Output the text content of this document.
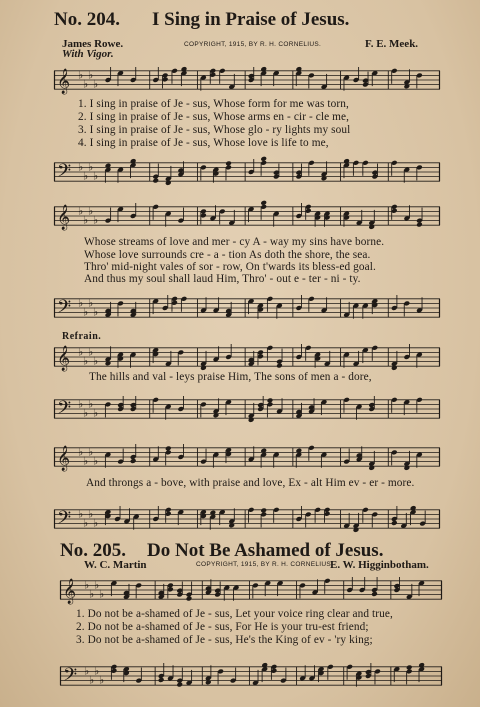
No. 204. I Sing in Praise of Jesus.
James Rowe.	COPYRIGHT, 1915, BY R. H. CORNELIUS.	F. E. Meek.
With Vigor.
𝄞 ♭
♭
♭
♭
1. I sing in praise of Je - sus, Whose form for me was torn,
2. I sing in praise of Je - sus, Whose arms en - cir - cle me,
3. I sing in praise of Je - sus, Whose glo - ry lights my soul
4. I sing in praise of Je - sus, Whose love is life to me,
𝄢 ♭
♭
♭
♭
𝄞 ♭
♭
♭
♭
Whose streams of love and mer - cy A - way my sins have borne.
Whose love surrounds cre - a - tion As doth the shore, the sea.
Thro' mid-night vales of sor - row, On t'wards its bless-ed goal.
And thus my soul shall laud Him, Thro' - out e - ter - ni - ty.
𝄢 ♭
♭
♭
♭
Refrain.
𝄞 ♭
♭
♭
♭
The hills and val - leys praise Him, The sons of men a - dore,
𝄢 ♭
♭
♭
♭
𝄞 ♭
♭
♭
♭
And throngs a - bove, with praise and love, Ex - alt Him ev - er - more.
𝄢 ♭
♭
♭
♭
No. 205. Do Not Be Ashamed of Jesus.
W. C. Martin	COPYRIGHT, 1915, BY R. H. CORNELIUS.
E. W. Higginbotham.
𝄞 ♭
♭
♭
♭
1. Do not be a-shamed of Je - sus, Let your voice ring clear and true,
2. Do not be a-shamed of Je - sus, For He is your tru-est friend;
3. Do not be a-shamed of Je - sus, He's the King of ev - 'ry king;
𝄢 ♭
♭
♭
♭
